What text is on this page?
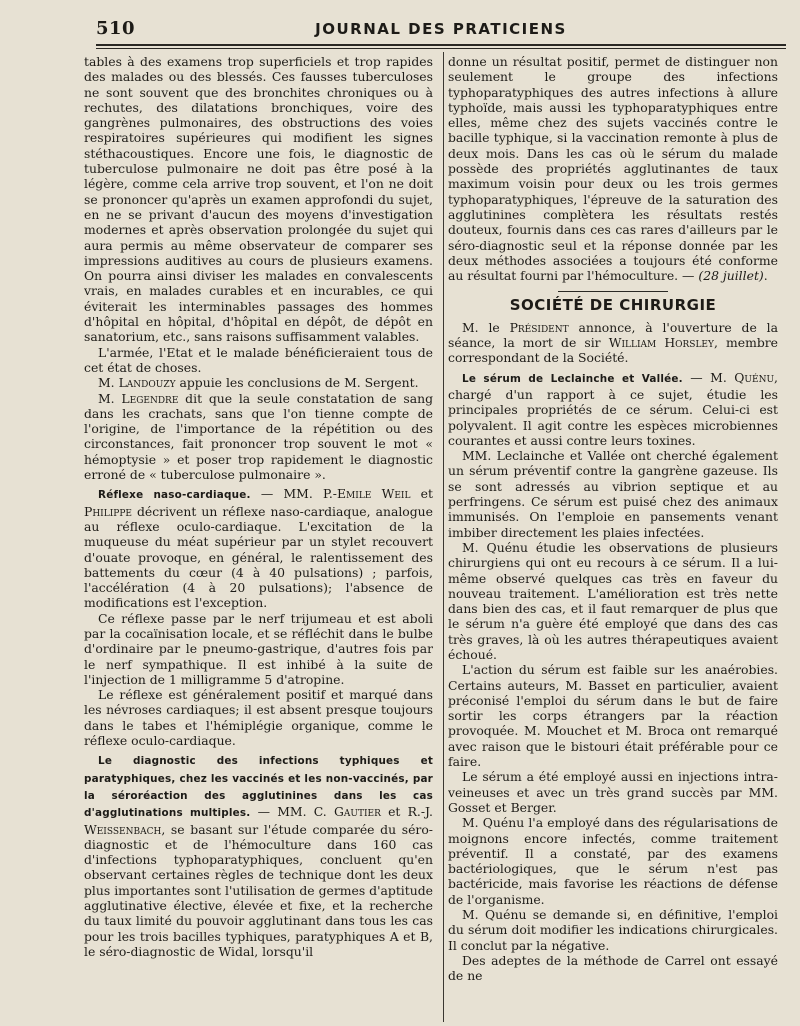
510	JOURNAL DES PRATICIENS

tables à des examens trop superficiels et trop rapides des malades ou des blessés. Ces fausses tuberculoses ne sont souvent que des bronchites chroniques ou à rechutes, des dilatations bronchiques, voire des gangrènes pulmonaires, des obstructions des voies respiratoires supérieures qui modifient les signes stéthacoustiques. Encore une fois, le diagnostic de tuberculose pulmonaire ne doit pas être posé à la légère, comme cela arrive trop souvent, et l'on ne doit se prononcer qu'après un examen approfondi du sujet, en ne se privant d'aucun des moyens d'investigation modernes et après observation prolongée du sujet qui aura permis au même observateur de comparer ses impressions auditives au cours de plusieurs examens. On pourra ainsi diviser les malades en convalescents vrais, en malades curables et en incurables, ce qui éviterait les interminables passages des hommes d'hôpital en hôpital, d'hôpital en dépôt, de dépôt en sanatorium, etc., sans raisons suffisamment valables.

L'armée, l'Etat et le malade bénéficieraient tous de cet état de choses.

M. Landouzy appuie les conclusions de M. Sergent.

M. Legendre dit que la seule constatation de sang dans les crachats, sans que l'on tienne compte de l'origine, de l'importance de la répétition ou des circonstances, fait prononcer trop souvent le mot « hémoptysie » et poser trop rapidement le diagnostic erroné de « tuberculose pulmonaire ».

Réflexe naso-cardiaque. — MM. P.-Emile Weil et Philippe décrivent un réflexe naso-cardiaque, analogue au réflexe oculo-cardiaque. L'excitation de la muqueuse du méat supérieur par un stylet recouvert d'ouate provoque, en général, le ralentissement des battements du cœur (4 à 40 pulsations) ; parfois, l'accélération (4 à 20 pulsations); l'absence de modifications est l'exception.

Ce réflexe passe par le nerf trijumeau et est aboli par la cocaïnisation locale, et se réfléchit dans le bulbe d'ordinaire par le pneumo-gastrique, d'autres fois par le nerf sympathique. Il est inhibé à la suite de l'injection de 1 milligramme 5 d'atropine.

Le réflexe est généralement positif et marqué dans les névroses cardiaques; il est absent presque toujours dans le tabes et l'hémiplégie organique, comme le réflexe oculo-cardiaque.

Le diagnostic des infections typhiques et paratyphiques, chez les vaccinés et les non-vaccinés, par la séroréaction des agglutinines dans les cas d'agglutinations multiples. — MM. C. Gautier et R.-J. Weissenbach, se basant sur l'étude comparée du séro-diagnostic et de l'hémoculture dans 160 cas d'infections typhoparatyphiques, concluent qu'en observant certaines règles de technique dont les deux plus importantes sont l'utilisation de germes d'aptitude agglutinative élective, élevée et fixe, et la recherche du taux limité du pouvoir agglutinant dans tous les cas pour les trois bacilles typhiques, paratyphiques A et B, le séro-diagnostic de Widal, lorsqu'il

donne un résultat positif, permet de distinguer non seulement le groupe des infections typhoparatyphiques des autres infections à allure typhoïde, mais aussi les typhoparatyphiques entre elles, même chez des sujets vaccinés contre le bacille typhique, si la vaccination remonte à plus de deux mois. Dans les cas où le sérum du malade possède des propriétés agglutinantes de taux maximum voisin pour deux ou les trois germes typhoparatyphiques, l'épreuve de la saturation des agglutinines complètera les résultats restés douteux, fournis dans ces cas rares d'ailleurs par le séro-diagnostic seul et la réponse donnée par les deux méthodes associées a toujours été conforme au résultat fourni par l'hémoculture. — (28 juillet).

SOCIÉTÉ DE CHIRURGIE

M. le Président annonce, à l'ouverture de la séance, la mort de sir William Horsley, membre correspondant de la Société.

Le sérum de Leclainche et Vallée. — M. Quénu, chargé d'un rapport à ce sujet, étudie les principales propriétés de ce sérum. Celui-ci est polyvalent. Il agit contre les espèces microbiennes courantes et aussi contre leurs toxines.

MM. Leclainche et Vallée ont cherché également un sérum préventif contre la gangrène gazeuse. Ils se sont adressés au vibrion septique et au perfringens. Ce sérum est puisé chez des animaux immunisés. On l'emploie en pansements venant imbiber directement les plaies infectées.

M. Quénu étudie les observations de plusieurs chirurgiens qui ont eu recours à ce sérum. Il a lui-même observé quelques cas très en faveur du nouveau traitement. L'amélioration est très nette dans bien des cas, et il faut remarquer de plus que le sérum n'a guère été employé que dans des cas très graves, là où les autres thérapeutiques avaient échoué.

L'action du sérum est faible sur les anaérobies. Certains auteurs, M. Basset en particulier, avaient préconisé l'emploi du sérum dans le but de faire sortir les corps étrangers par la réaction provoquée. M. Mouchet et M. Broca ont remarqué avec raison que le bistouri était préférable pour ce faire.

Le sérum a été employé aussi en injections intra-veineuses et avec un très grand succès par MM. Gosset et Berger.

M. Quénu l'a employé dans des régularisations de moignons encore infectés, comme traitement préventif. Il a constaté, par des examens bactériologiques, que le sérum n'est pas bactéricide, mais favorise les réactions de défense de l'organisme.

M. Quénu se demande si, en définitive, l'emploi du sérum doit modifier les indications chirurgicales. Il conclut par la négative.

Des adeptes de la méthode de Carrel ont essayé de ne
